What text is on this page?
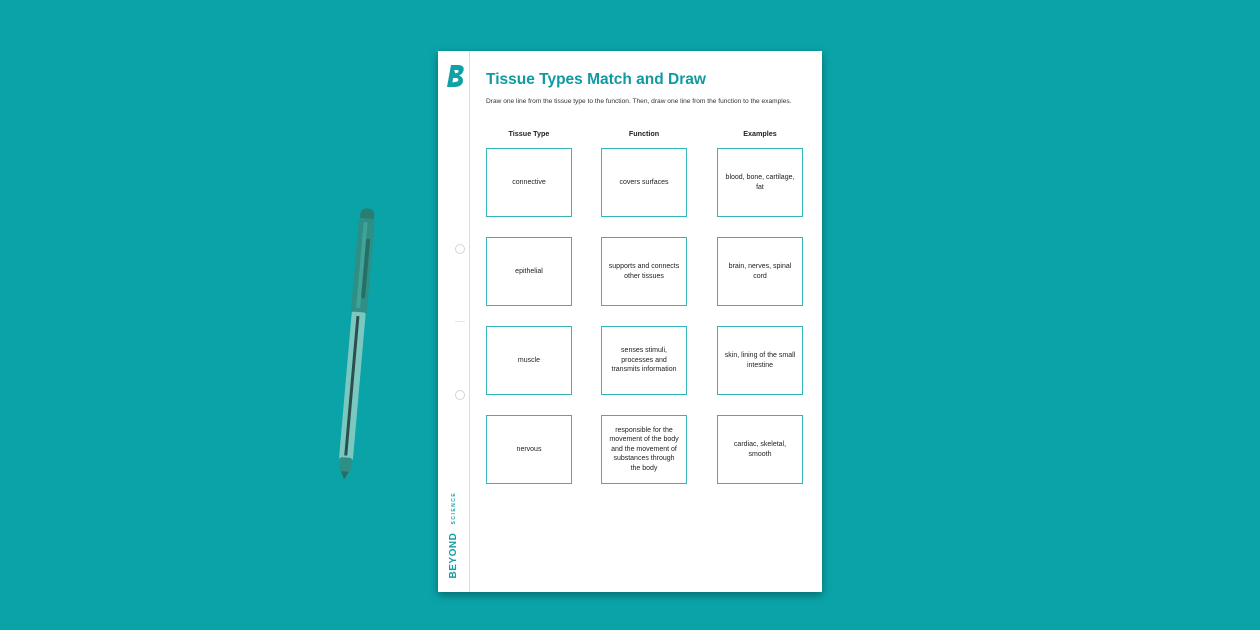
BEYOND SCIENCE
Tissue Types Match and Draw
Draw one line from the tissue type to the function. Then, draw one line from the function to the examples.
Tissue Type	Function	Examples
connective
epithelial
muscle
nervous
covers surfaces
supports and connects other tissues
senses stimuli, processes and transmits information
responsible for the movement of the body and the movement of substances through the body
blood, bone, cartilage, fat
brain, nerves, spinal cord
skin, lining of the small intestine
cardiac, skeletal, smooth
